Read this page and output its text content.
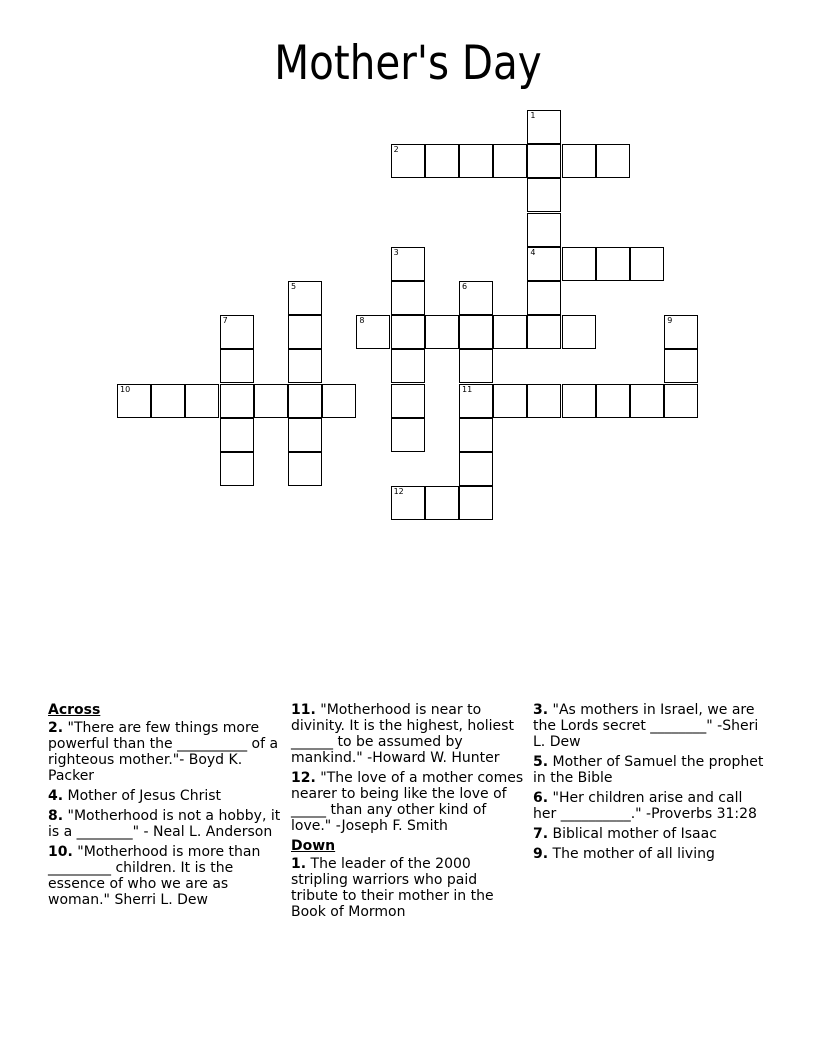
Mother's Day
1
4
2
3
5	6
11
7	8	9
10
12
Across
2. "There are few things more powerful than the __________ of a righteous mother."- Boyd K. Packer
4. Mother of Jesus Christ
8. "Motherhood is not a hobby, it is a ________" - Neal L. Anderson
10. "Motherhood is more than _________ children. It is the essence of who we are as woman." Sherri L. Dew
11. "Motherhood is near to divinity. It is the highest, holiest ______ to be assumed by mankind." -Howard W. Hunter
12. "The love of a mother comes nearer to being like the love of _____ than any other kind of love." -Joseph F. Smith
Down
1. The leader of the 2000 stripling warriors who paid tribute to their mother in the Book of Mormon
3. "As mothers in Israel, we are the Lords secret ________" -Sheri L. Dew
5. Mother of Samuel the prophet in the Bible
6. "Her children arise and call her __________." -Proverbs 31:28
7. Biblical mother of Isaac
9. The mother of all living
